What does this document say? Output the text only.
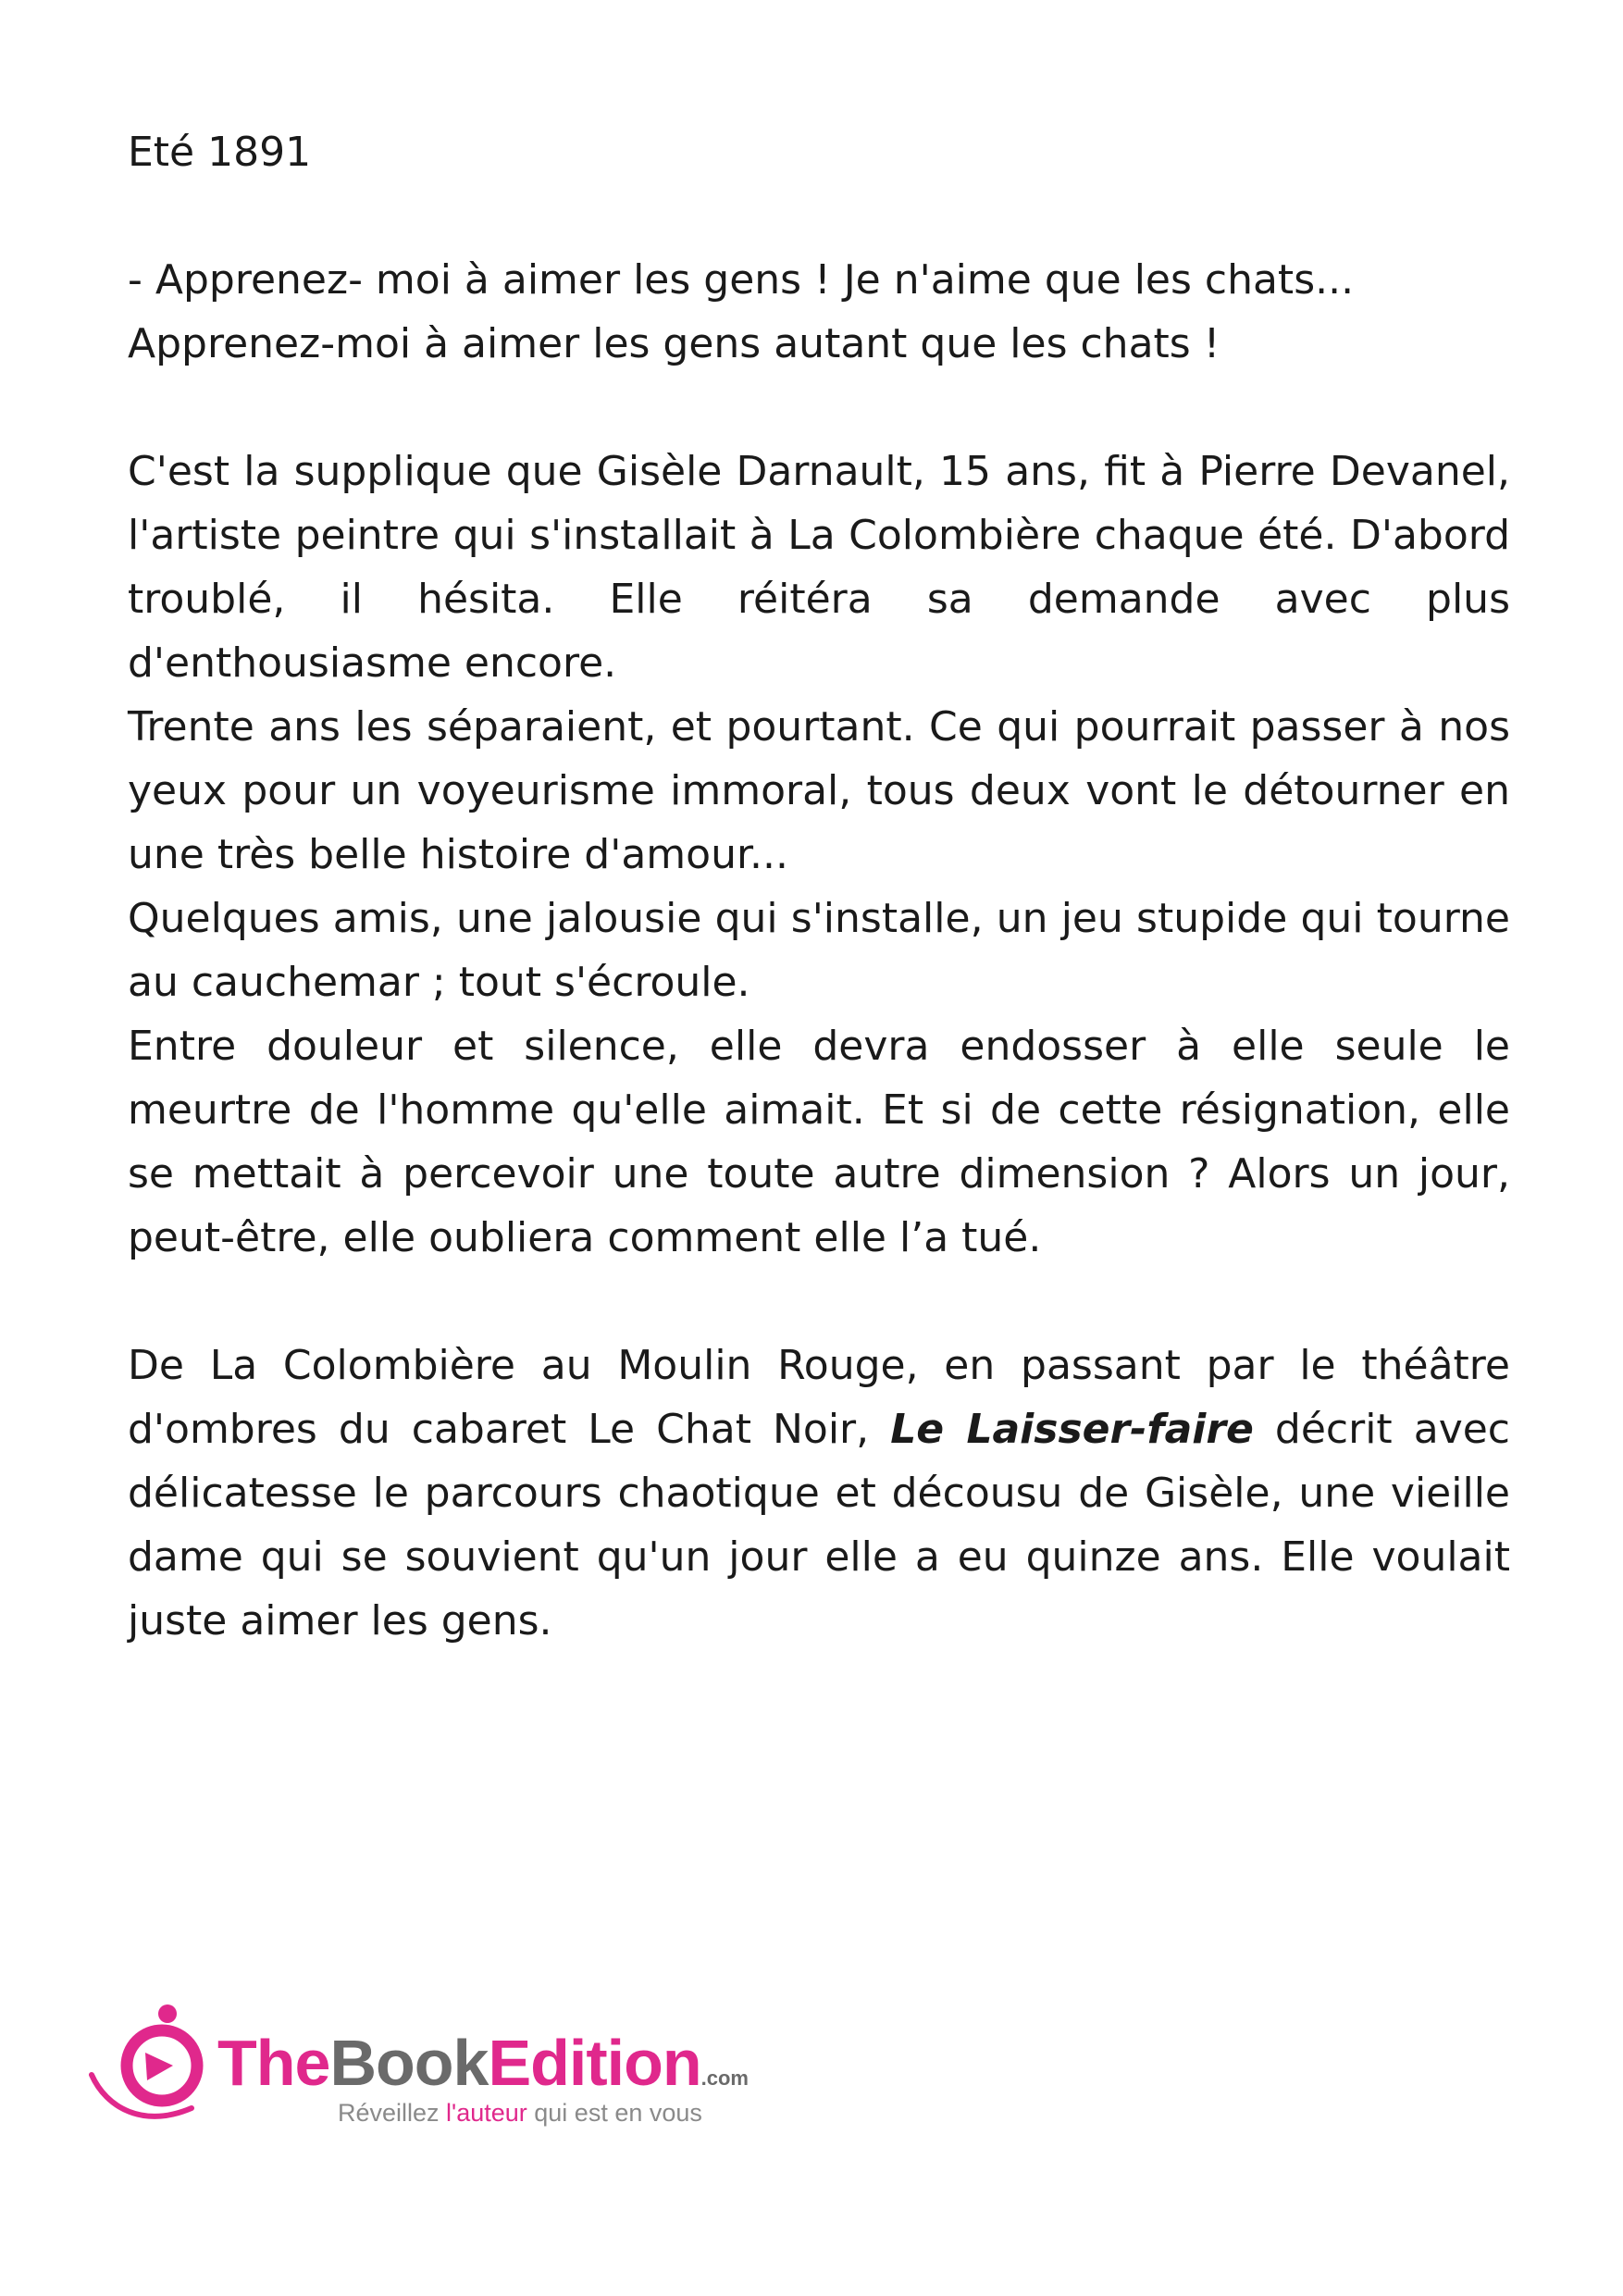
Eté 1891

- Apprenez- moi à aimer les gens ! Je n'aime que les chats...

Apprenez-moi à aimer les gens autant que les chats !

C'est la supplique que Gisèle Darnault, 15 ans, fit à Pierre Devanel, l'artiste peintre qui s'installait à La Colombière chaque été. D'abord troublé, il hésita. Elle réitéra sa demande avec plus d'enthousiasme encore.

Trente ans les séparaient, et pourtant. Ce qui pourrait passer à nos yeux pour un voyeurisme immoral, tous deux vont le détourner en une très belle histoire d'amour...

Quelques amis, une jalousie qui s'installe, un jeu stupide qui tourne au cauchemar ; tout s'écroule.

Entre douleur et silence, elle devra endosser à elle seule le meurtre de l'homme qu'elle aimait. Et si de cette résignation, elle se mettait à percevoir une toute autre dimension ? Alors un jour, peut-être, elle oubliera comment elle l’a tué.

De La Colombière au Moulin Rouge, en passant par le théâtre d'ombres du cabaret Le Chat Noir, Le Laisser-faire décrit avec délicatesse le parcours chaotique et décousu de Gisèle, une vieille dame qui se souvient qu'un jour elle a eu quinze ans. Elle voulait juste aimer les gens.

TheBookEdition.com
Réveillez l'auteur qui est en vous
